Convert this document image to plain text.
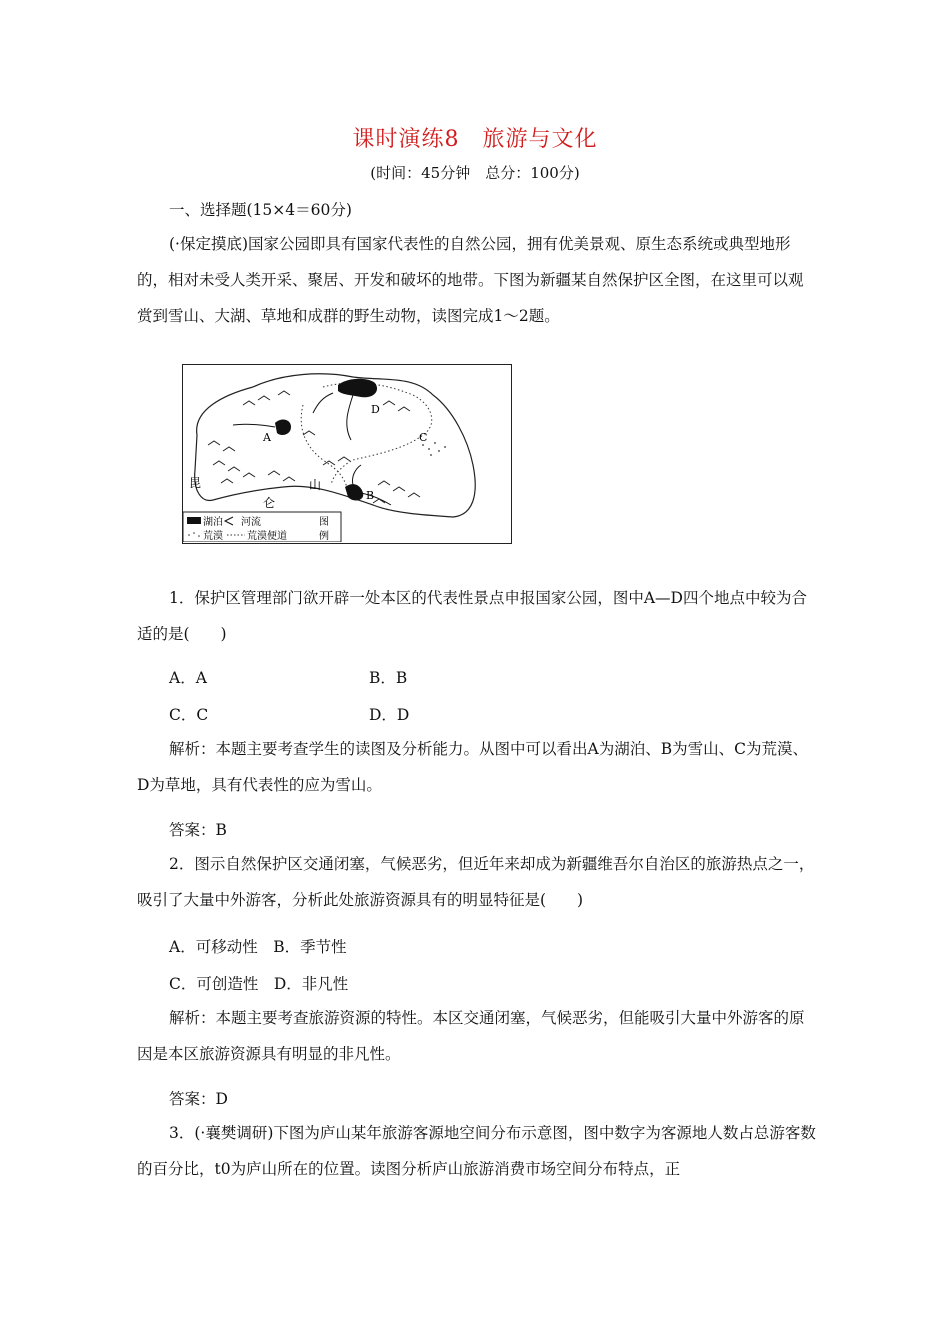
课时演练8　旅游与文化
(时间：45分钟　总分：100分)
一、选择题(15×4＝60分)
(·保定摸底)国家公园即具有国家代表性的自然公园，拥有优美景观、原生态系统或典型地形的，相对未受人类开采、聚居、开发和破坏的地带。下图为新疆某自然保护区全图，在这里可以观赏到雪山、大湖、草地和成群的野生动物，读图完成1～2题。
D
A	C
B
昆
仑
山
湖泊 河流	图
荒漠 荒漠便道	例
1．保护区管理部门欲开辟一处本区的代表性景点申报国家公园，图中A—D四个地点中较为合适的是(　　)
A．A	B．B
C．C	D．D
解析：本题主要考查学生的读图及分析能力。从图中可以看出A为湖泊、B为雪山、C为荒漠、D为草地，具有代表性的应为雪山。
答案：B
2．图示自然保护区交通闭塞，气候恶劣，但近年来却成为新疆维吾尔自治区的旅游热点之一，吸引了大量中外游客，分析此处旅游资源具有的明显特征是(　　)
A．可移动性　B．季节性
C．可创造性　D．非凡性
解析：本题主要考查旅游资源的特性。本区交通闭塞，气候恶劣，但能吸引大量中外游客的原因是本区旅游资源具有明显的非凡性。
答案：D
3．(·襄樊调研)下图为庐山某年旅游客源地空间分布示意图，图中数字为客源地人数占总游客数的百分比，t0为庐山所在的位置。读图分析庐山旅游消费市场空间分布特点，正
